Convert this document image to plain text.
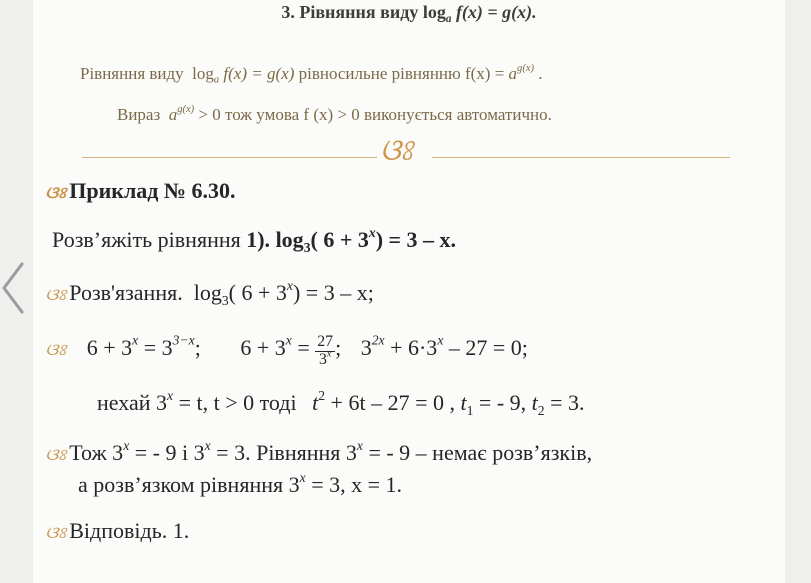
3. Рівняння виду $\log_a f(x) = g(x)$.
Рівняння виду $\log_a f(x) = g(x)$ рівносильне рівнянню $f(x) = a^{g(x)}$ .
Вираз $a^{g(x)} > 0$ тож умова f (x) > 0 виконується автоматично.
ଓଃ
ଓଃ Приклад № 6.30.
Розв’яжіть рівняння 1). $\log_3$( $6 + 3^x) = 3 - x$.
ଓଃ Розв'язання. $\log_3$( $6 + 3^x) = 3 - x$;
ଓଃ $6 + 3^x = 3^{3-x}$; $6 + 3^x = \frac{27}{3^x}$ ; $3^{2x} + 6\cdot 3^x - 27 = 0$;
нехай $3^x = t$, t > 0 тоді $t^2 + 6t - 27 = 0$ , $t_1$ = - 9, $t_2 = 3$.
ଓଃ Тож $3^x$ = - 9 і $3^x = 3$. Рівняння $3^x$ = - 9 – немає розв’язків,
а розв’язком рівняння $3^x = 3$, x = 1.
ଓଃ Відповідь. 1.
